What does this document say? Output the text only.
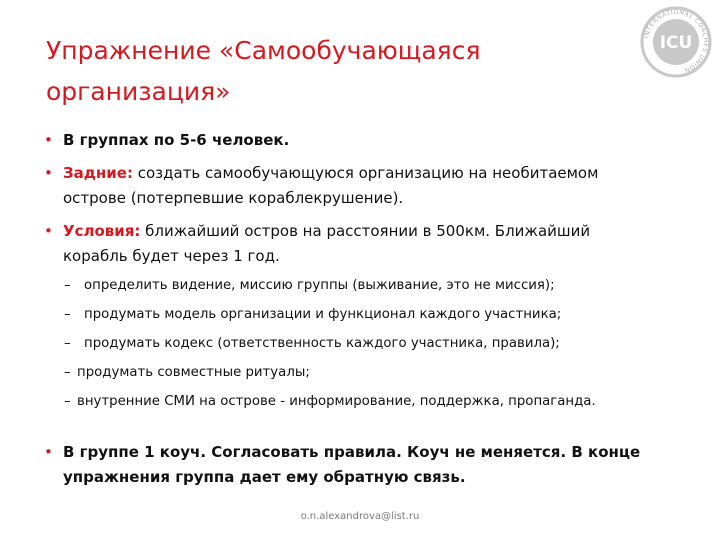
Упражнение «Самообучающаяся
организация»
INTERNATIONAL COACHES UNION
ICU

• В группах по 5-6 человек.

• Задние: создать самообучающуюся организацию на необитаемом
острове (потерпевшие кораблекрушение).

• Условия: ближайший остров на расстоянии в 500км. Ближайший
корабль будет через 1 год.

– определить видение, миссию группы (выживание, это не миссия);
– продумать модель организации и функционал каждого участника;
– продумать кодекс (ответственность каждого участника, правила);
– продумать совместные ритуалы;
– внутренние СМИ на острове - информирование, поддержка, пропаганда.

• В группе 1 коуч. Согласовать правила. Коуч не меняется. В конце
упражнения группа дает ему обратную связь.

o.n.alexandrova@list.ru
